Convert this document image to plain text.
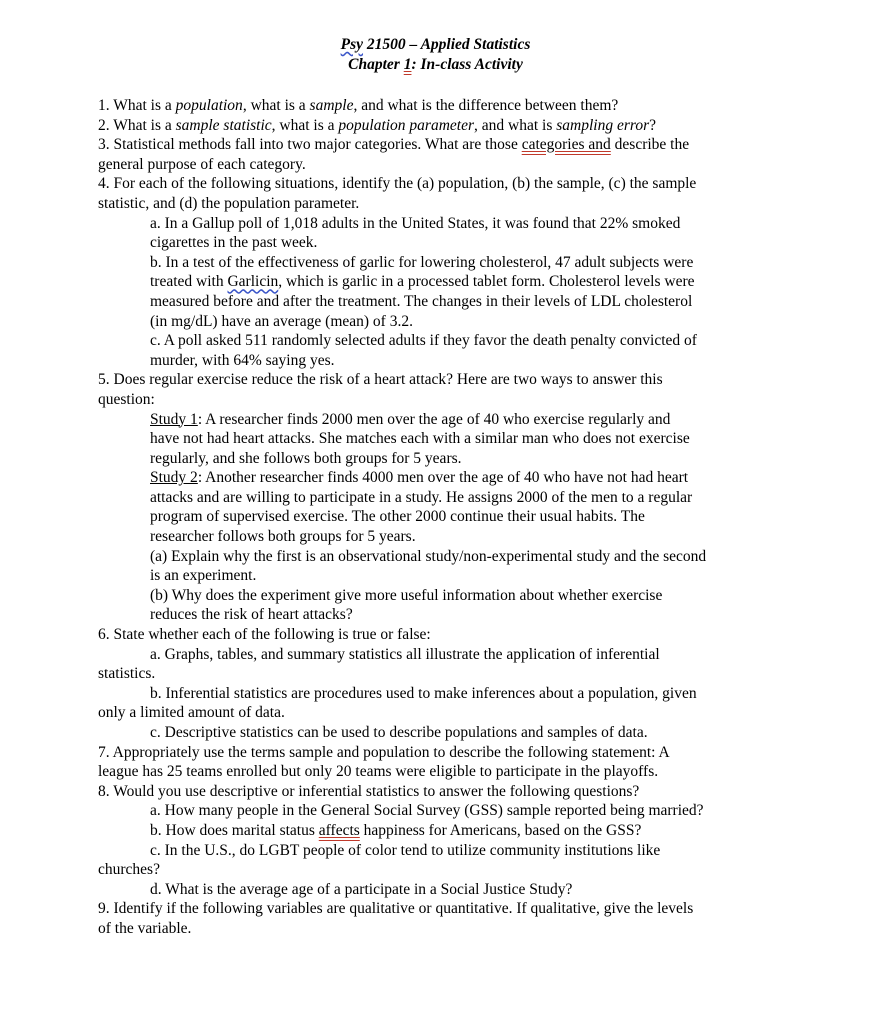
Psy 21500 – Applied Statistics
Chapter 1: In-class Activity
1. What is a population, what is a sample, and what is the difference between them?
2. What is a sample statistic, what is a population parameter, and what is sampling error?
3. Statistical methods fall into two major categories. What are those categories and describe the
general purpose of each category.
4. For each of the following situations, identify the (a) population, (b) the sample, (c) the sample
statistic, and (d) the population parameter.
a. In a Gallup poll of 1,018 adults in the United States, it was found that 22% smoked
cigarettes in the past week.
b. In a test of the effectiveness of garlic for lowering cholesterol, 47 adult subjects were
treated with Garlicin, which is garlic in a processed tablet form. Cholesterol levels were
measured before and after the treatment. The changes in their levels of LDL cholesterol
(in mg/dL) have an average (mean) of 3.2.
c. A poll asked 511 randomly selected adults if they favor the death penalty convicted of
murder, with 64% saying yes.
5. Does regular exercise reduce the risk of a heart attack? Here are two ways to answer this
question:
Study 1: A researcher finds 2000 men over the age of 40 who exercise regularly and
have not had heart attacks. She matches each with a similar man who does not exercise
regularly, and she follows both groups for 5 years.
Study 2: Another researcher finds 4000 men over the age of 40 who have not had heart
attacks and are willing to participate in a study. He assigns 2000 of the men to a regular
program of supervised exercise. The other 2000 continue their usual habits. The
researcher follows both groups for 5 years.
(a) Explain why the first is an observational study/non-experimental study and the second
is an experiment.
(b) Why does the experiment give more useful information about whether exercise
reduces the risk of heart attacks?
6. State whether each of the following is true or false:
a. Graphs, tables, and summary statistics all illustrate the application of inferential
statistics.
b. Inferential statistics are procedures used to make inferences about a population, given
only a limited amount of data.
c. Descriptive statistics can be used to describe populations and samples of data.
7. Appropriately use the terms sample and population to describe the following statement: A
league has 25 teams enrolled but only 20 teams were eligible to participate in the playoffs.
8. Would you use descriptive or inferential statistics to answer the following questions?
a. How many people in the General Social Survey (GSS) sample reported being married?
b. How does marital status affects happiness for Americans, based on the GSS?
c. In the U.S., do LGBT people of color tend to utilize community institutions like
churches?
d. What is the average age of a participate in a Social Justice Study?
9. Identify if the following variables are qualitative or quantitative. If qualitative, give the levels
of the variable.
